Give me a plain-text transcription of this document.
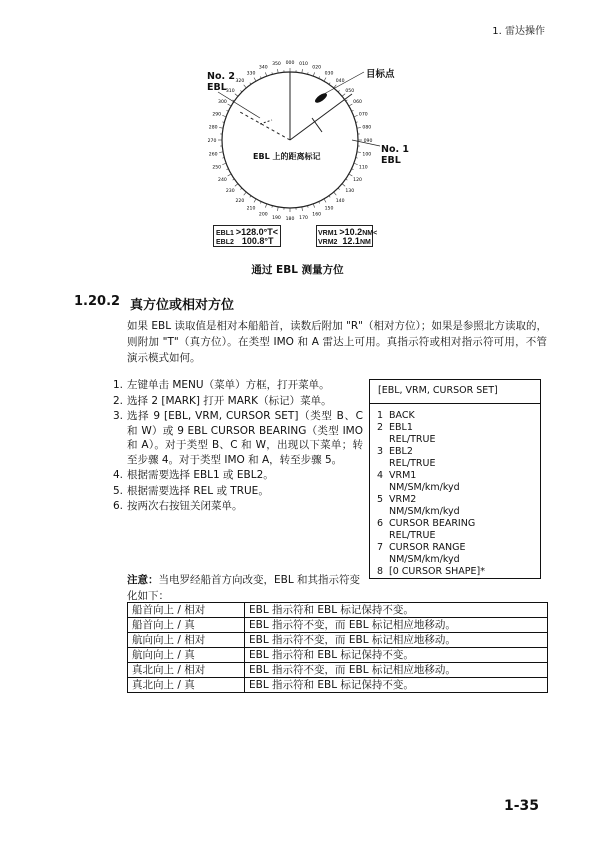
1. 雷达操作
350 000 010
020
340
330
320
310
300
290
280
270
260
250
240
230
220
210
200
190 180 170
160
150
140
130
120
110
100
090
080
070
060
050
040
030
No. 2
EBL
目标点
No. 1
EBL
EBL 上的距离标记
EBL1 >128.0°T<
EBL2 100.8°T
VRM1 >10.2NM<
VRM2 12.1NM
通过 EBL 测量方位
1.20.2 真方位或相对方位
如果 EBL 读取值是相对本船船首，读数后附加 "R"（相对方位）；如果是参照北方读取的，则附加 "T"（真方位）。在类型 IMO 和 A 雷达上可用。真指示符或相对指示符可用，不管演示模式如何。
1. 左键单击 MENU（菜单）方框，打开菜单。
2. 选择 2 [MARK] 打开 MARK（标记）菜单。
3. 选择 9 [EBL, VRM, CURSOR SET]（类型 B、C 和 W）或 9 EBL CURSOR BEARING（类型 IMO 和 A）。对于类型 B、C 和 W，出现以下菜单；转至步骤 4。对于类型 IMO 和 A，转至步骤 5。
4. 根据需要选择 EBL1 或 EBL2。
5. 根据需要选择 REL 或 TRUE。
6. 按两次右按钮关闭菜单。
[EBL, VRM, CURSOR SET]
1 BACK
2 EBL1
REL/TRUE
3 EBL2
REL/TRUE
4 VRM1
NM/SM/km/kyd
5 VRM2
NM/SM/km/kyd
6 CURSOR BEARING
REL/TRUE
7 CURSOR RANGE
NM/SM/km/kyd
8 [0 CURSOR SHAPE]*
注意：当电罗经船首方向改变，EBL 和其指示符变化如下：
船首向上 / 相对	EBL 指示符和 EBL 标记保持不变。
船首向上 / 真	EBL 指示符不变，而 EBL 标记相应地移动。
航向向上 / 相对	EBL 指示符不变，而 EBL 标记相应地移动。
航向向上 / 真	EBL 指示符和 EBL 标记保持不变。
真北向上 / 相对	EBL 指示符不变，而 EBL 标记相应地移动。
真北向上 / 真	EBL 指示符和 EBL 标记保持不变。
1-35
